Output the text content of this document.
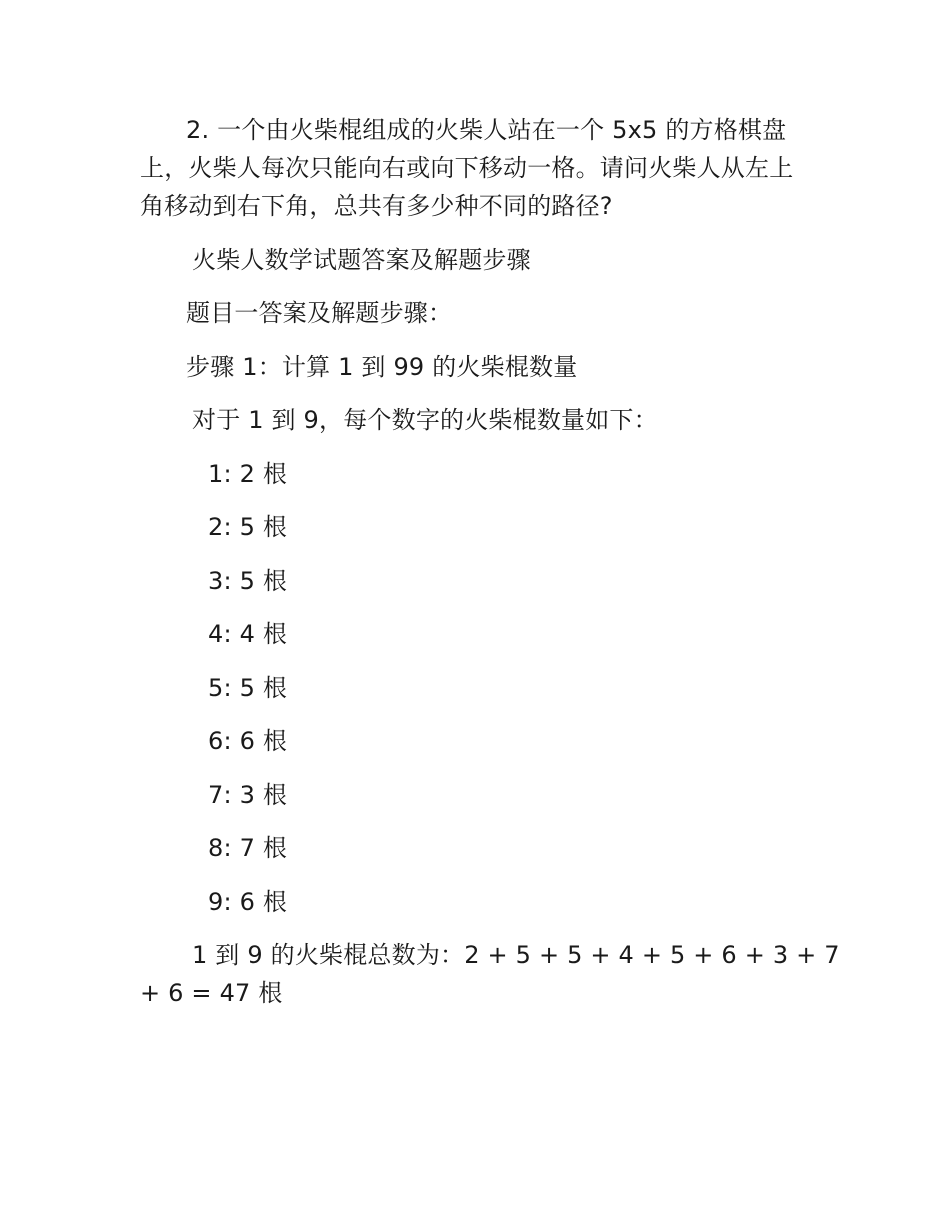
2. 一个由火柴棍组成的火柴人站在一个 5x5 的方格棋盘
上，火柴人每次只能向右或向下移动一格。请问火柴人从左上
角移动到右下角，总共有多少种不同的路径?
火柴人数学试题答案及解题步骤
题目一答案及解题步骤：
步骤 1：计算 1 到 99 的火柴棍数量
对于 1 到 9，每个数字的火柴棍数量如下：
1: 2 根
2: 5 根
3: 5 根
4: 4 根
5: 5 根
6: 6 根
7: 3 根
8: 7 根
9: 6 根
1 到 9 的火柴棍总数为：2 + 5 + 5 + 4 + 5 + 6 + 3 + 7
+ 6 = 47 根
